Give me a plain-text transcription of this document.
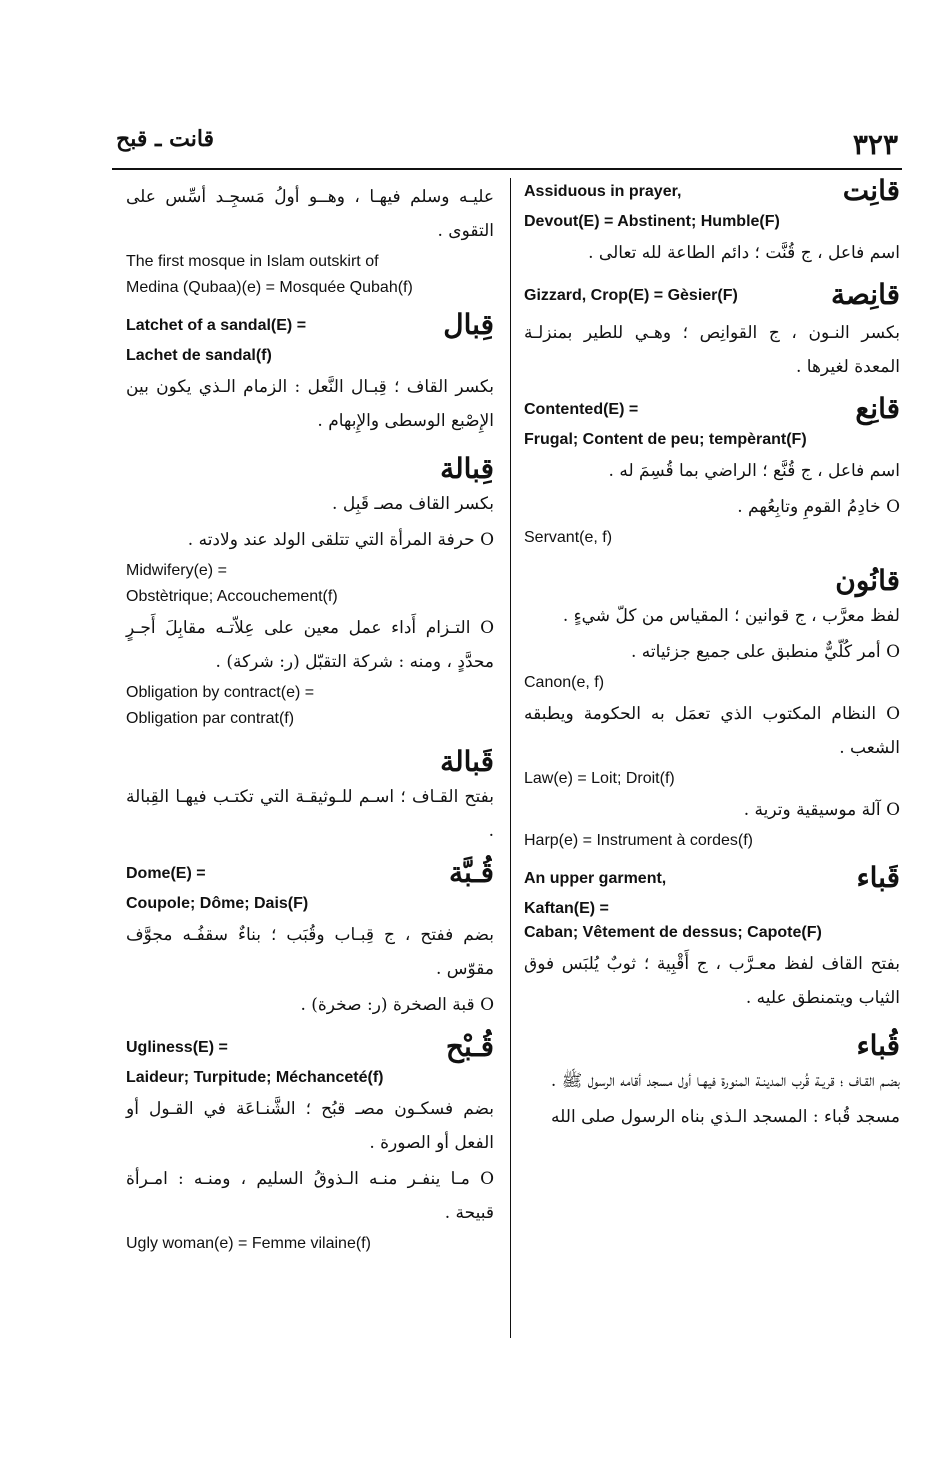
٣٢٣
قانت ـ قبح
قانِت
Assiduous in prayer,
Devout(E) = Abstinent; Humble(F)
اسم فاعل ، ج قُنَّت ؛ دائم الطاعة لله تعالى .
قانِصة
Gizzard, Crop(E) = Gèsier(F)
بكسر النـون ، ج القوانِص ؛ وهـي للطير بمنزلـة المعدة لغيرها .
قانِع
Contented(E) =
Frugal; Content de peu; tempèrant(F)
اسم فاعل ، ج قُنَّع ؛ الراضي بما قُسِمَ له .
O خادِمُ القومِ وتابِعُهم .
Servant(e, f)
قانُون
لفظ معرَّب ، ج قوانين ؛ المقياس من كلّ شيءٍ .
O أمر كُلّيٌّ منطبق على جميع جزئياته .
Canon(e, f)
O النظام المكتوب الذي تعمَل به الحكومة ويطبقه الشعب .
Law(e) = Loit; Droit(f)
O آلة موسيقية وترية .
Harp(e) = Instrument à cordes(f)
قَباء
An upper garment,
Kaftan(E) =
Caban; Vêtement de dessus; Capote(F)
بفتح القاف لفظ معـرَّب ، ج أَقْبِية ؛ ثوبٌ يُلبَس فوق الثياب ويتمنطق عليه .
قُباء
بضـم القـاف ؛ قريـة قُرب المدينـة المنورة فيهـا أول مسجد أقامه الرسول ﷺ .
مسجد قُباء : المسجد الـذي بناه الرسول صلى الله
عليـه وسلم فيهـا ، وهــو أولُ مَسجِـد أسِّس على التقوى .
The first mosque in Islam outskirt of
Medina (Qubaa)(e) = Mosquée Qubah(f)
قِبال
Latchet of a sandal(E) =
Lachet de sandal(f)
بكسر القاف ؛ قِبـال النَّعل : الزمام الـذي يكون بين الإِصْبع الوسطى والإِبهام .
قِبالة
بكسر القاف مصـ قَبِل .
O حرفة المرأة التي تتلقى الولد عند ولادته .
Midwifery(e) =
Obstètrique; Accouchement(f)
O التـزام أَداء عمل معين على عِلاّتـه مقابِلَ أَجـرٍ محدَّدٍ ، ومنه : شركة التقبّل (ر: شركة) .
Obligation by contract(e) =
Obligation par contrat(f)
قَبالة
بفتح القـاف ؛ اسـم للـوثيقـة التي تكتـب فيهـا القِبالة .
قُـبَّة
Dome(E) =
Coupole; Dôme; Dais(F)
بضم ففتح ، ج قِبـاب وقُبَب ؛ بناءٌ سقفُـه مجوَّف مقوّس .
O قبة الصخرة (ر: صخرة) .
قُـبْح
Ugliness(E) =
Laideur; Turpitude; Méchanceté(f)
بضم فسكـون مصـ قبُح ؛ الشَّنـاعَة في القـول أو الفعل أو الصورة .
O مـا ينفـر منـه الـذوقُ السليم ، ومنـه : امـرأة قبيحة .
Ugly woman(e) = Femme vilaine(f)
